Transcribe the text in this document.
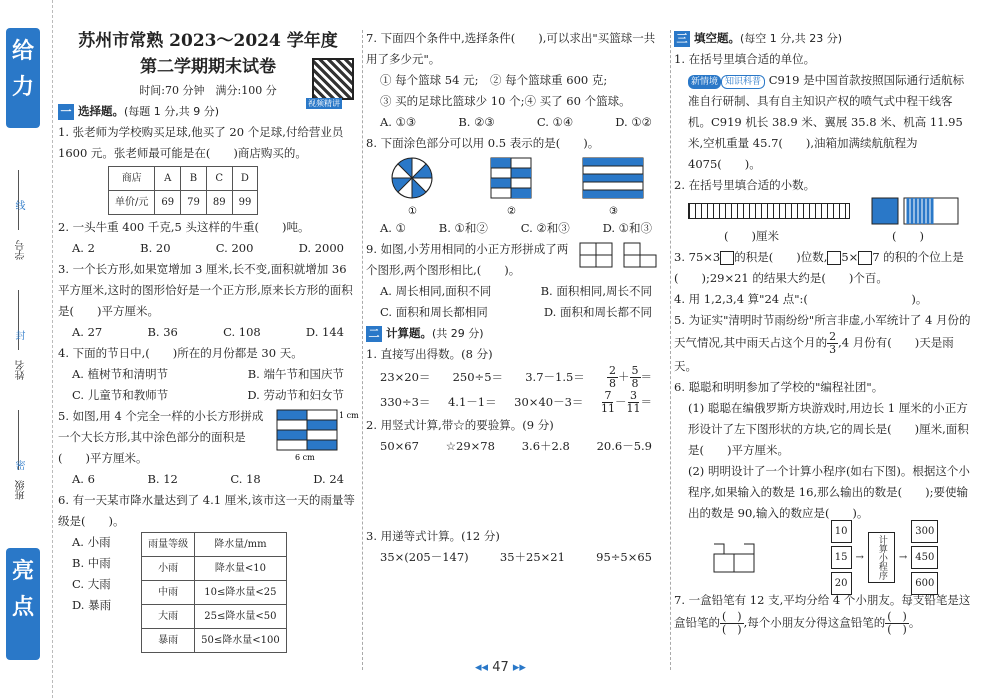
给力
学号
姓名
班级
线
封
密
亮点
视频精讲
苏州市常熟 2023～2024 学年度
第二学期期末试卷
时间:70 分钟　满分:100 分
一 选择题。 (每题 1 分,共 9 分)

1. 张老师为学校购买足球,他买了 20 个足球,付给营业员 1600 元。张老师最可能是在(　　)商店购买的。

商店	A	B	C	D
单价/元	69	79	89	99

2. 一头牛重 400 千克,5 头这样的牛重(　　)吨。

A. 2	B. 20	C. 200	D. 2000

3. 一个长方形,如果宽增加 3 厘米,长不变,面积就增加 36 平方厘米,这时的图形恰好是一个正方形,原来长方形的面积是(　　)平方厘米。

A. 27	B. 36	C. 108	D. 144

4. 下面的节日中,(　　)所在的月份都是 30 天。

A. 植树节和清明节	B. 端午节和国庆节
C. 儿童节和教师节	D. 劳动节和妇女节

5. 如图,用 4 个完全一样的小长方形拼成一个大长方形,其中涂色部分的面积是(　　)平方厘米。

1 cm
6 cm
A. 6	B. 12	C. 18	D. 24

6. 有一天某市降水量达到了 4.1 厘米,该市这一天的雨量等级是(　　)。

A. 小雨
B. 中雨
C. 大雨
D. 暴雨
雨量等级	降水量/mm
小雨	降水量<10
中雨	10≤降水量<25
大雨	25≤降水量<50
暴雨	50≤降水量<100

7. 下面四个条件中,选择条件(　　),可以求出"买篮球一共用了多少元"。

① 每个篮球 54 元;　② 每个篮球重 600 克;

③ 买的足球比篮球少 10 个;④ 买了 60 个篮球。

A. ①③	B. ②③	C. ①④	D. ①②

8. 下面涂色部分可以用 0.5 表示的是(　　)。

①	②	③
A. ①	B. ①和②	C. ②和③	D. ①和③

9. 如图,小芳用相同的小正方形拼成了两个图形,两个图形相比,(　　)。

A. 周长相同,面积不同	B. 面积相同,周长不同
C. 面积和周长都相同	D. 面积和周长都不同
二 计算题。 (共 29 分)

1. 直接写出得数。(8 分)

$23\times 20= 250\div 5= 3.7-1.5= \frac{2}{8} + \frac{5}{8}$ ＝
$330\div 3= 4.1-1= 30\times 40-3= \frac{7}{11} - \frac{3}{11}$ ＝

2. 用竖式计算,带☆的要验算。(9 分)

50×67 ☆29×78 3.6＋2.8 20.6－5.9

3. 用递等式计算。(12 分)

35×(205－147)	35＋25×21	95÷5×65
三 填空题。 (每空 1 分,共 23 分)

1. 在括号里填合适的单位。

新情境 知识科普 C919 是中国首款按照国际通行适航标准自行研制、具有自主知识产权的喷气式中程干线客机。C919 机长 38.9 米、翼展 35.8 米、机高 11.95 米,空机重量 45.7(　　),油箱加满续航航程为 4075(　　)。

2. 在括号里填合适的小数。

(　　)厘米	(　　)

3. 75×3 的积是(　　)位数, 5× 7 的积的个位上是(　　);29×21 的结果大约是(　　)个百。

4. 用 1,2,3,4 算"24 点":(　　　　　　　　　)。

5. 为证实"清明时节雨纷纷"所言非虚,小军统计了 4 月份的天气情况,其中雨天占这个月的 $\frac{2}{3} ,4$ 月份有(　　)天是雨天。

6. 聪聪和明明参加了学校的"编程社团"。

(1) 聪聪在编俄罗斯方块游戏时,用边长 1 厘米的小正方形设计了左下图形状的方块,它的周长是(　　)厘米,面积是(　　)平方厘米。

(2) 明明设计了一个计算小程序(如右下图)。根据这个小程序,如果输入的数是 16,那么输出的数是(　　);要使输出的数是 90,输入的数应是(　　)。

10
15
20
→	计算小程序	→
300
450
600

7. 一盒铅笔有 12 支,平均分给 4 个小朋友。每支铅笔是这盒铅笔的 $\frac{( )}{( )}$ ,每个小朋友分得这盒铅笔的 $\frac{( )}{( )}$ 。

◂◂ 47 ▸▸
